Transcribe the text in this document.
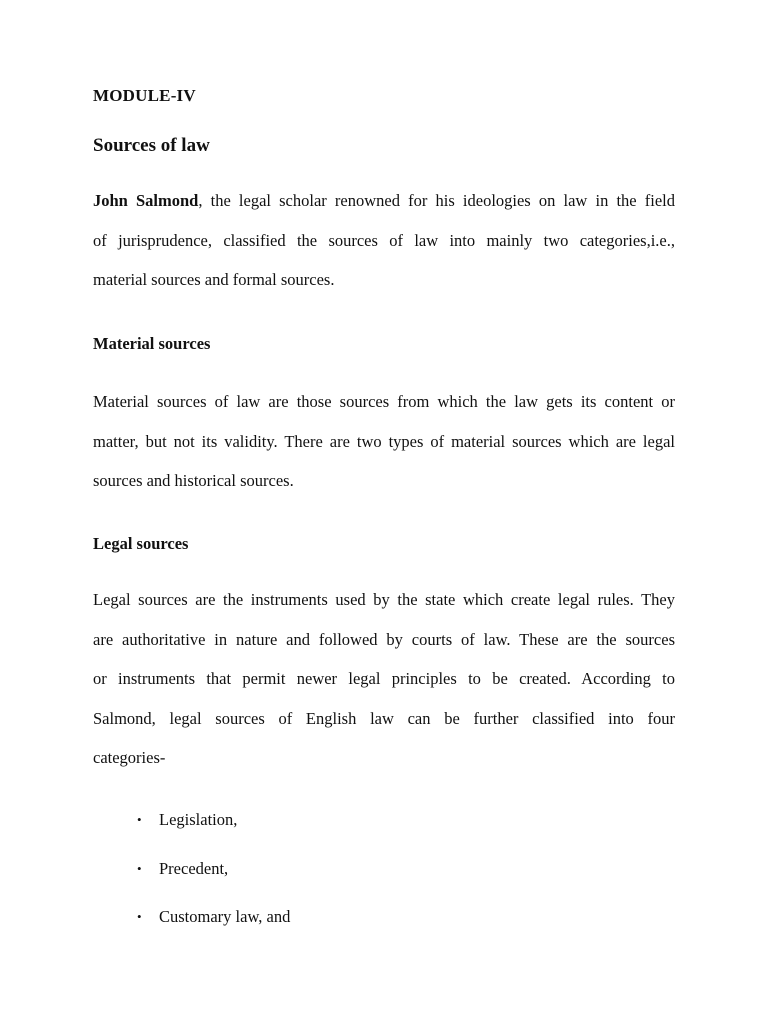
MODULE-IV
Sources of law
John Salmond, the legal scholar renowned for his ideologies on law in the field
of jurisprudence, classified the sources of law into mainly two categories,i.e.,
material sources and formal sources.
Material sources
Material sources of law are those sources from which the law gets its content or
matter, but not its validity. There are two types of material sources which are legal
sources and historical sources.
Legal sources
Legal sources are the instruments used by the state which create legal rules. They
are authoritative in nature and followed by courts of law. These are the sources
or instruments that permit newer legal principles to be created. According to
Salmond, legal sources of English law can be further classified into four
categories-
• Legislation,
• Precedent,
• Customary law, and
